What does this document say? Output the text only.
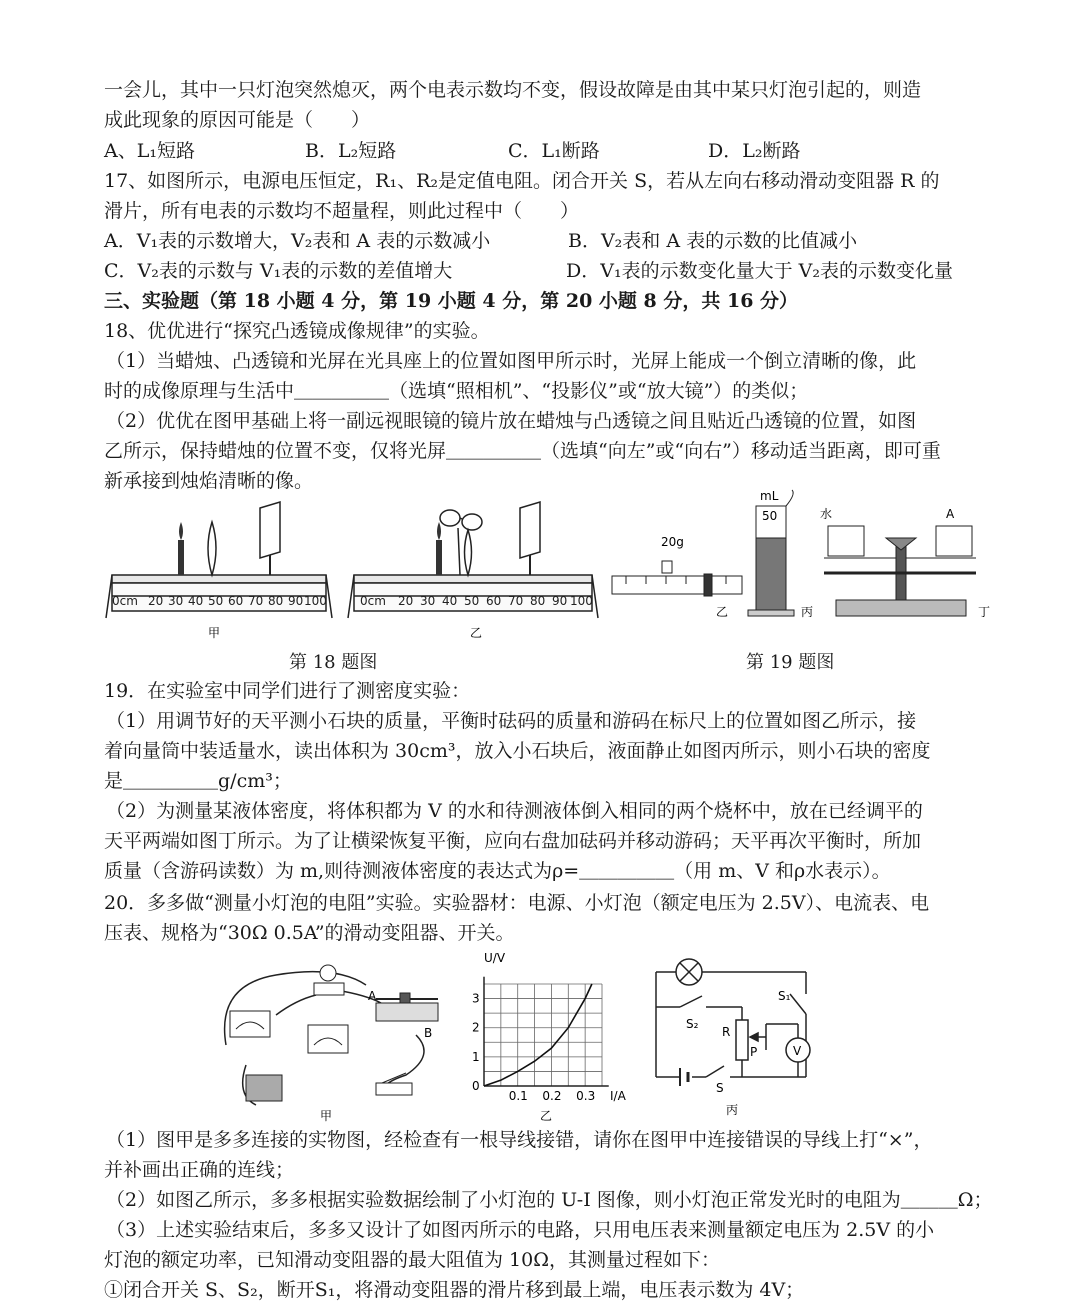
一会儿，其中一只灯泡突然熄灭，两个电表示数均不变，假设故障是由其中某只灯泡引起的，则造
成此现象的原因可能是（　　）
A、L₁短路	B．L₂短路	C．L₁断路	D．L₂断路
17、如图所示，电源电压恒定，R₁、R₂是定值电阻。闭合开关 S，若从左向右移动滑动变阻器 R 的
滑片，所有电表的示数均不超量程，则此过程中（　　）
A．V₁表的示数增大，V₂表和 A 表的示数减小	B．V₂表和 A 表的示数的比值减小
C．V₂表的示数与 V₁表的示数的差值增大	D．V₁表的示数变化量大于 V₂表的示数变化量
三、实验题（第 18 小题 4 分，第 19 小题 4 分，第 20 小题 8 分，共 16 分）
18、优优进行“探究凸透镜成像规律”的实验。
（1）当蜡烛、凸透镜和光屏在光具座上的位置如图甲所示时，光屏上能成一个倒立清晰的像，此
时的成像原理与生活中＿＿＿＿＿（选填“照相机”、“投影仪”或“放大镜”）的类似；
（2）优优在图甲基础上将一副远视眼镜的镜片放在蜡烛与凸透镜之间且贴近凸透镜的位置，如图
乙所示，保持蜡烛的位置不变，仅将光屏＿＿＿＿＿（选填“向左”或“向右”）移动适当距离，即可重
新承接到烛焰清晰的像。
0cm 20 30 40 50 60 70 80 90 100
甲
0cm 20 30 40 50 60 70 80 90 100
乙
20g
乙
mL
50
丙
水	A
丁
第 18 题图	第 19 题图
19．在实验室中同学们进行了测密度实验：
（1）用调节好的天平测小石块的质量，平衡时砝码的质量和游码在标尺上的位置如图乙所示，接
着向量筒中装适量水，读出体积为 30cm³，放入小石块后，液面静止如图丙所示，则小石块的密度
是＿＿＿＿＿g/cm³；
（2）为测量某液体密度，将体积都为 V 的水和待测液体倒入相同的两个烧杯中，放在已经调平的
天平两端如图丁所示。为了让横梁恢复平衡，应向右盘加砝码并移动游码；天平再次平衡时，所加
质量（含游码读数）为 m,则待测液体密度的表达式为ρ=＿＿＿＿＿（用 m、V 和ρ水表示）。
20．多多做“测量小灯泡的电阻”实验。实验器材：电源、小灯泡（额定电压为 2.5V）、电流表、电
压表、规格为“30Ω 0.5A”的滑动变阻器、开关。
A
B
甲
U/V
I/A
乙
0
1
2
3
0.1 0.2 0.3
V
S₁
S₂
R
P
S
丙
（1）图甲是多多连接的实物图，经检查有一根导线接错，请你在图甲中连接错误的导线上打“×”，
并补画出正确的连线；
（2）如图乙所示，多多根据实验数据绘制了小灯泡的 U-I 图像，则小灯泡正常发光时的电阻为＿＿＿Ω；
（3）上述实验结束后，多多又设计了如图丙所示的电路，只用电压表来测量额定电压为 2.5V 的小
灯泡的额定功率，已知滑动变阻器的最大阻值为 10Ω，其测量过程如下：
①闭合开关 S、S₂，断开S₁，将滑动变阻器的滑片移到最上端，电压表示数为 4V；
